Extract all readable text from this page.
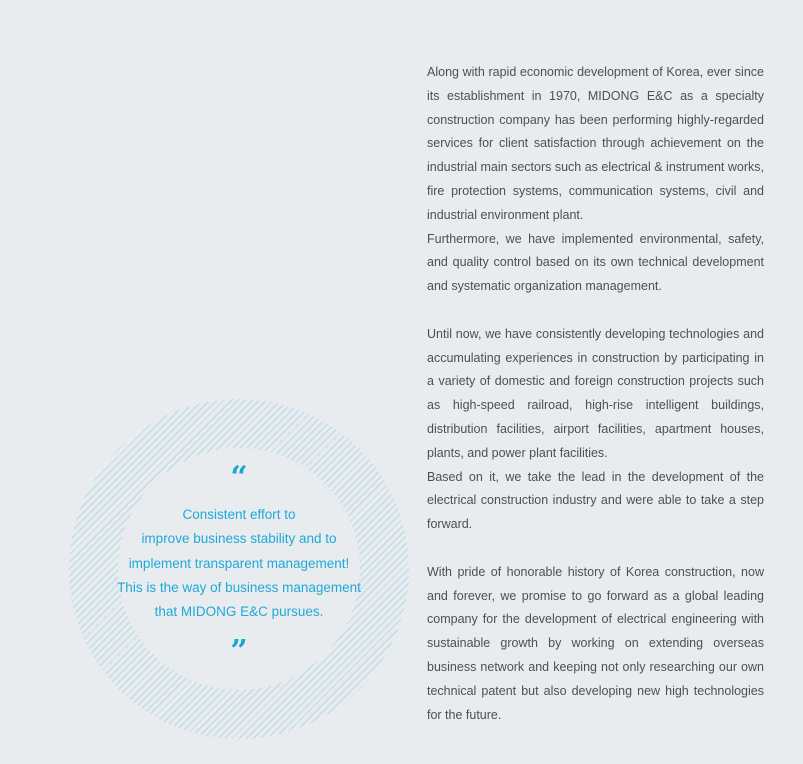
“
Consistent effort to
improve business stability and to
implement transparent management!
This is the way of business management
that MIDONG E&C pursues.
”

Along with rapid economic development of Korea, ever since its establishment in 1970, MIDONG E&C as a specialty construction company has been performing highly-regarded services for client satisfaction through achievement on the industrial main sectors such as electrical & instrument works, fire protection systems, communication systems, civil and industrial environment plant.

Furthermore, we have implemented environmental, safety, and quality control based on its own technical development and systematic organization management.

Until now, we have consistently developing technologies and accumulating experiences in construction by participating in a variety of domestic and foreign construction projects such as high-speed railroad, high-rise intelligent buildings, distribution facilities, airport facilities, apartment houses, plants, and power plant facilities.

Based on it, we take the lead in the development of the electrical construction industry and were able to take a step forward.

With pride of honorable history of Korea construction, now and forever, we promise to go forward as a global leading company for the development of electrical engineering with sustainable growth by working on extending overseas business network and keeping not only researching our own technical patent but also developing new high technologies for the future.
